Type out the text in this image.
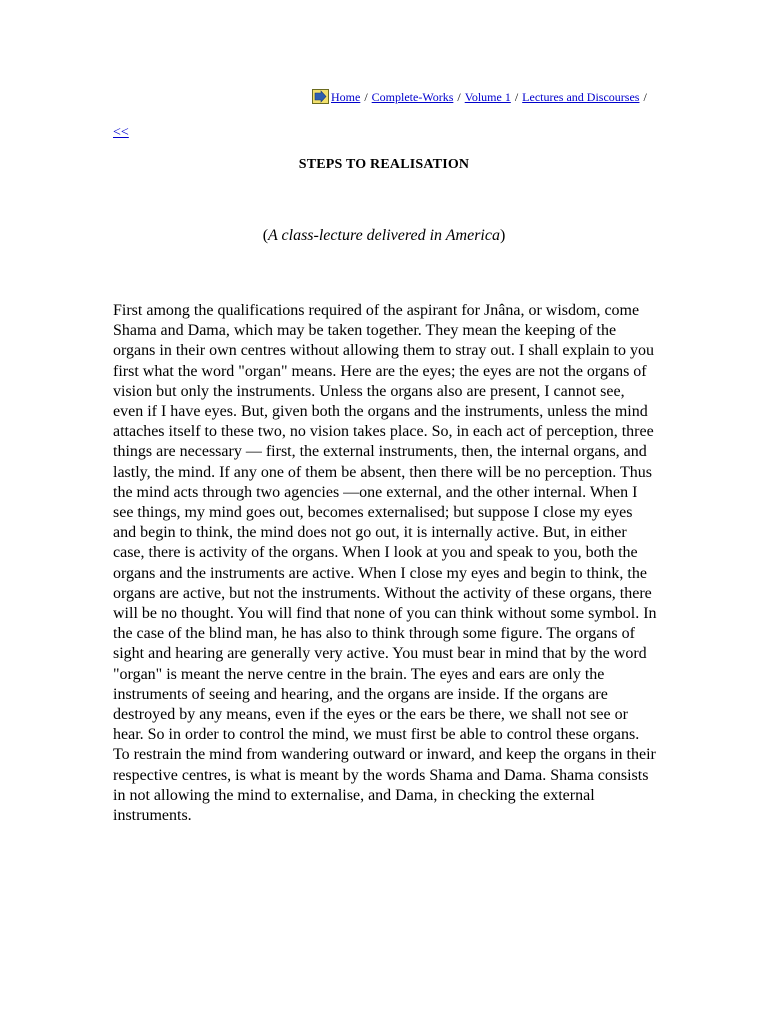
Home / Complete-Works / Volume 1 / Lectures and Discourses /
<<
STEPS TO REALISATION
(A class-lecture delivered in America)

First among the qualifications required of the aspirant for Jnâna, or wisdom, come Shama and Dama, which may be taken together. They mean the keeping of the organs in their own centres without allowing them to stray out. I shall explain to you first what the word "organ" means. Here are the eyes; the eyes are not the organs of vision but only the instruments. Unless the organs also are present, I cannot see, even if I have eyes. But, given both the organs and the instruments, unless the mind attaches itself to these two, no vision takes place. So, in each act of perception, three things are necessary — first, the external instruments, then, the internal organs, and lastly, the mind. If any one of them be absent, then there will be no perception. Thus the mind acts through two agencies —one external, and the other internal. When I see things, my mind goes out, becomes externalised; but suppose I close my eyes and begin to think, the mind does not go out, it is internally active. But, in either case, there is activity of the organs. When I look at you and speak to you, both the organs and the instruments are active. When I close my eyes and begin to think, the organs are active, but not the instruments. Without the activity of these organs, there will be no thought. You will find that none of you can think without some symbol. In the case of the blind man, he has also to think through some figure. The organs of sight and hearing are generally very active. You must bear in mind that by the word "organ" is meant the nerve centre in the brain. The eyes and ears are only the instruments of seeing and hearing, and the organs are inside. If the organs are destroyed by any means, even if the eyes or the ears be there, we shall not see or hear. So in order to control the mind, we must first be able to control these organs. To restrain the mind from wandering outward or inward, and keep the organs in their respective centres, is what is meant by the words Shama and Dama. Shama consists in not allowing the mind to externalise, and Dama, in checking the external instruments.
